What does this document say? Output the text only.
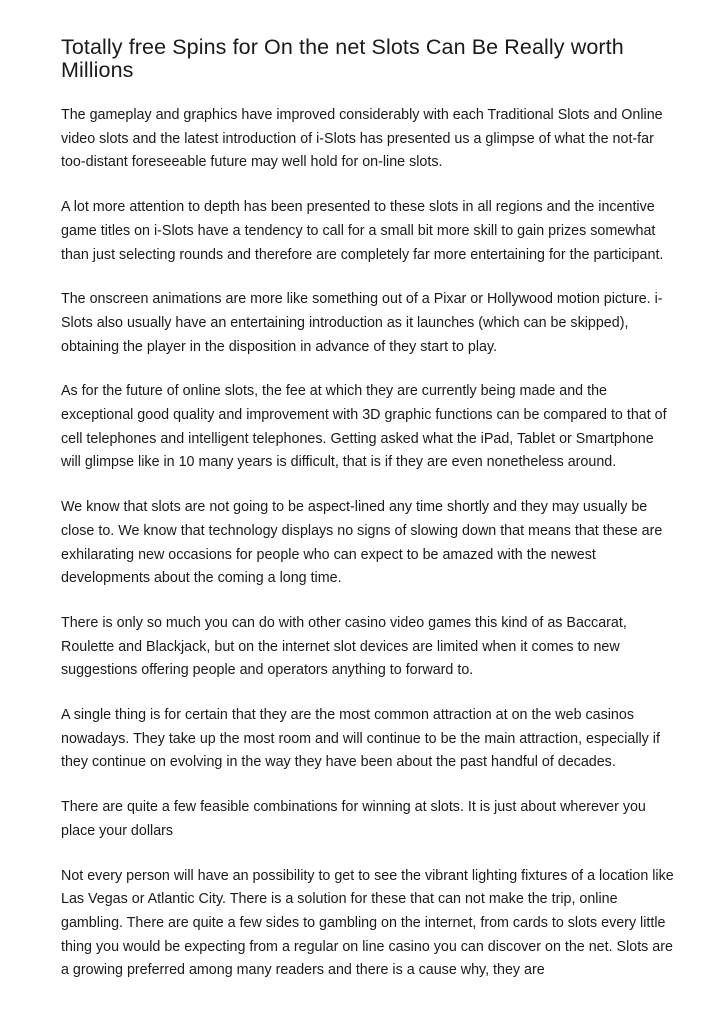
Totally free Spins for On the net Slots Can Be Really worth Millions

The gameplay and graphics have improved considerably with each Traditional Slots and Online video slots and the latest introduction of i-Slots has presented us a glimpse of what the not-far too-distant foreseeable future may well hold for on-line slots.

A lot more attention to depth has been presented to these slots in all regions and the incentive game titles on i-Slots have a tendency to call for a small bit more skill to gain prizes somewhat than just selecting rounds and therefore are completely far more entertaining for the participant.

The onscreen animations are more like something out of a Pixar or Hollywood motion picture. i-Slots also usually have an entertaining introduction as it launches (which can be skipped), obtaining the player in the disposition in advance of they start to play.

As for the future of online slots, the fee at which they are currently being made and the exceptional good quality and improvement with 3D graphic functions can be compared to that of cell telephones and intelligent telephones. Getting asked what the iPad, Tablet or Smartphone will glimpse like in 10 many years is difficult, that is if they are even nonetheless around.

We know that slots are not going to be aspect-lined any time shortly and they may usually be close to. We know that technology displays no signs of slowing down that means that these are exhilarating new occasions for people who can expect to be amazed with the newest developments about the coming a long time.

There is only so much you can do with other casino video games this kind of as Baccarat, Roulette and Blackjack, but on the internet slot devices are limited when it comes to new suggestions offering people and operators anything to forward to.

A single thing is for certain that they are the most common attraction at on the web casinos nowadays. They take up the most room and will continue to be the main attraction, especially if they continue on evolving in the way they have been about the past handful of decades.

There are quite a few feasible combinations for winning at slots. It is just about wherever you place your dollars

Not every person will have an possibility to get to see the vibrant lighting fixtures of a location like Las Vegas or Atlantic City. There is a solution for these that can not make the trip, online gambling. There are quite a few sides to gambling on the internet, from cards to slots every little thing you would be expecting from a regular on line casino you can discover on the net. Slots are a growing preferred among many readers and there is a cause why, they are
